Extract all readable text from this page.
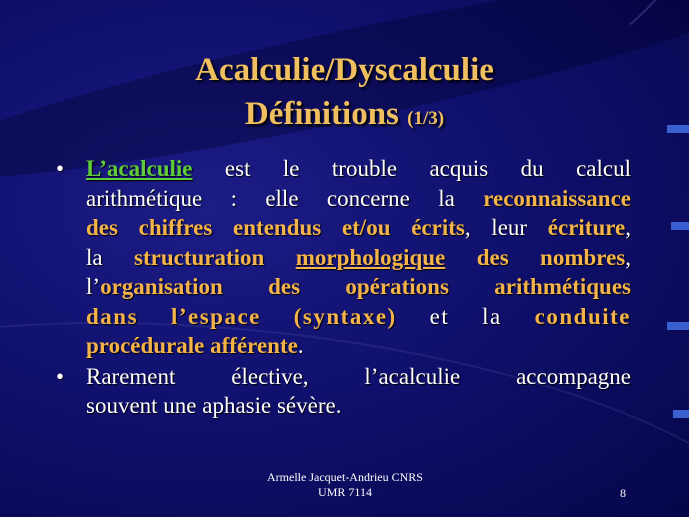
Acalculie/Dyscalculie
Définitions (1/3)
• L’acalculie est le trouble acquis du calcul
arithmétique : elle concerne la reconnaissance
des chiffres entendus et/ou écrits, leur écriture,
la structuration morphologique des nombres,
l’organisation des opérations arithmétiques
dans l’espace (syntaxe) et la conduite
procédurale afférente.
• Rarement élective, l’acalculie accompagne
souvent une aphasie sévère.
Armelle Jacquet-Andrieu CNRS
UMR 7114	8
